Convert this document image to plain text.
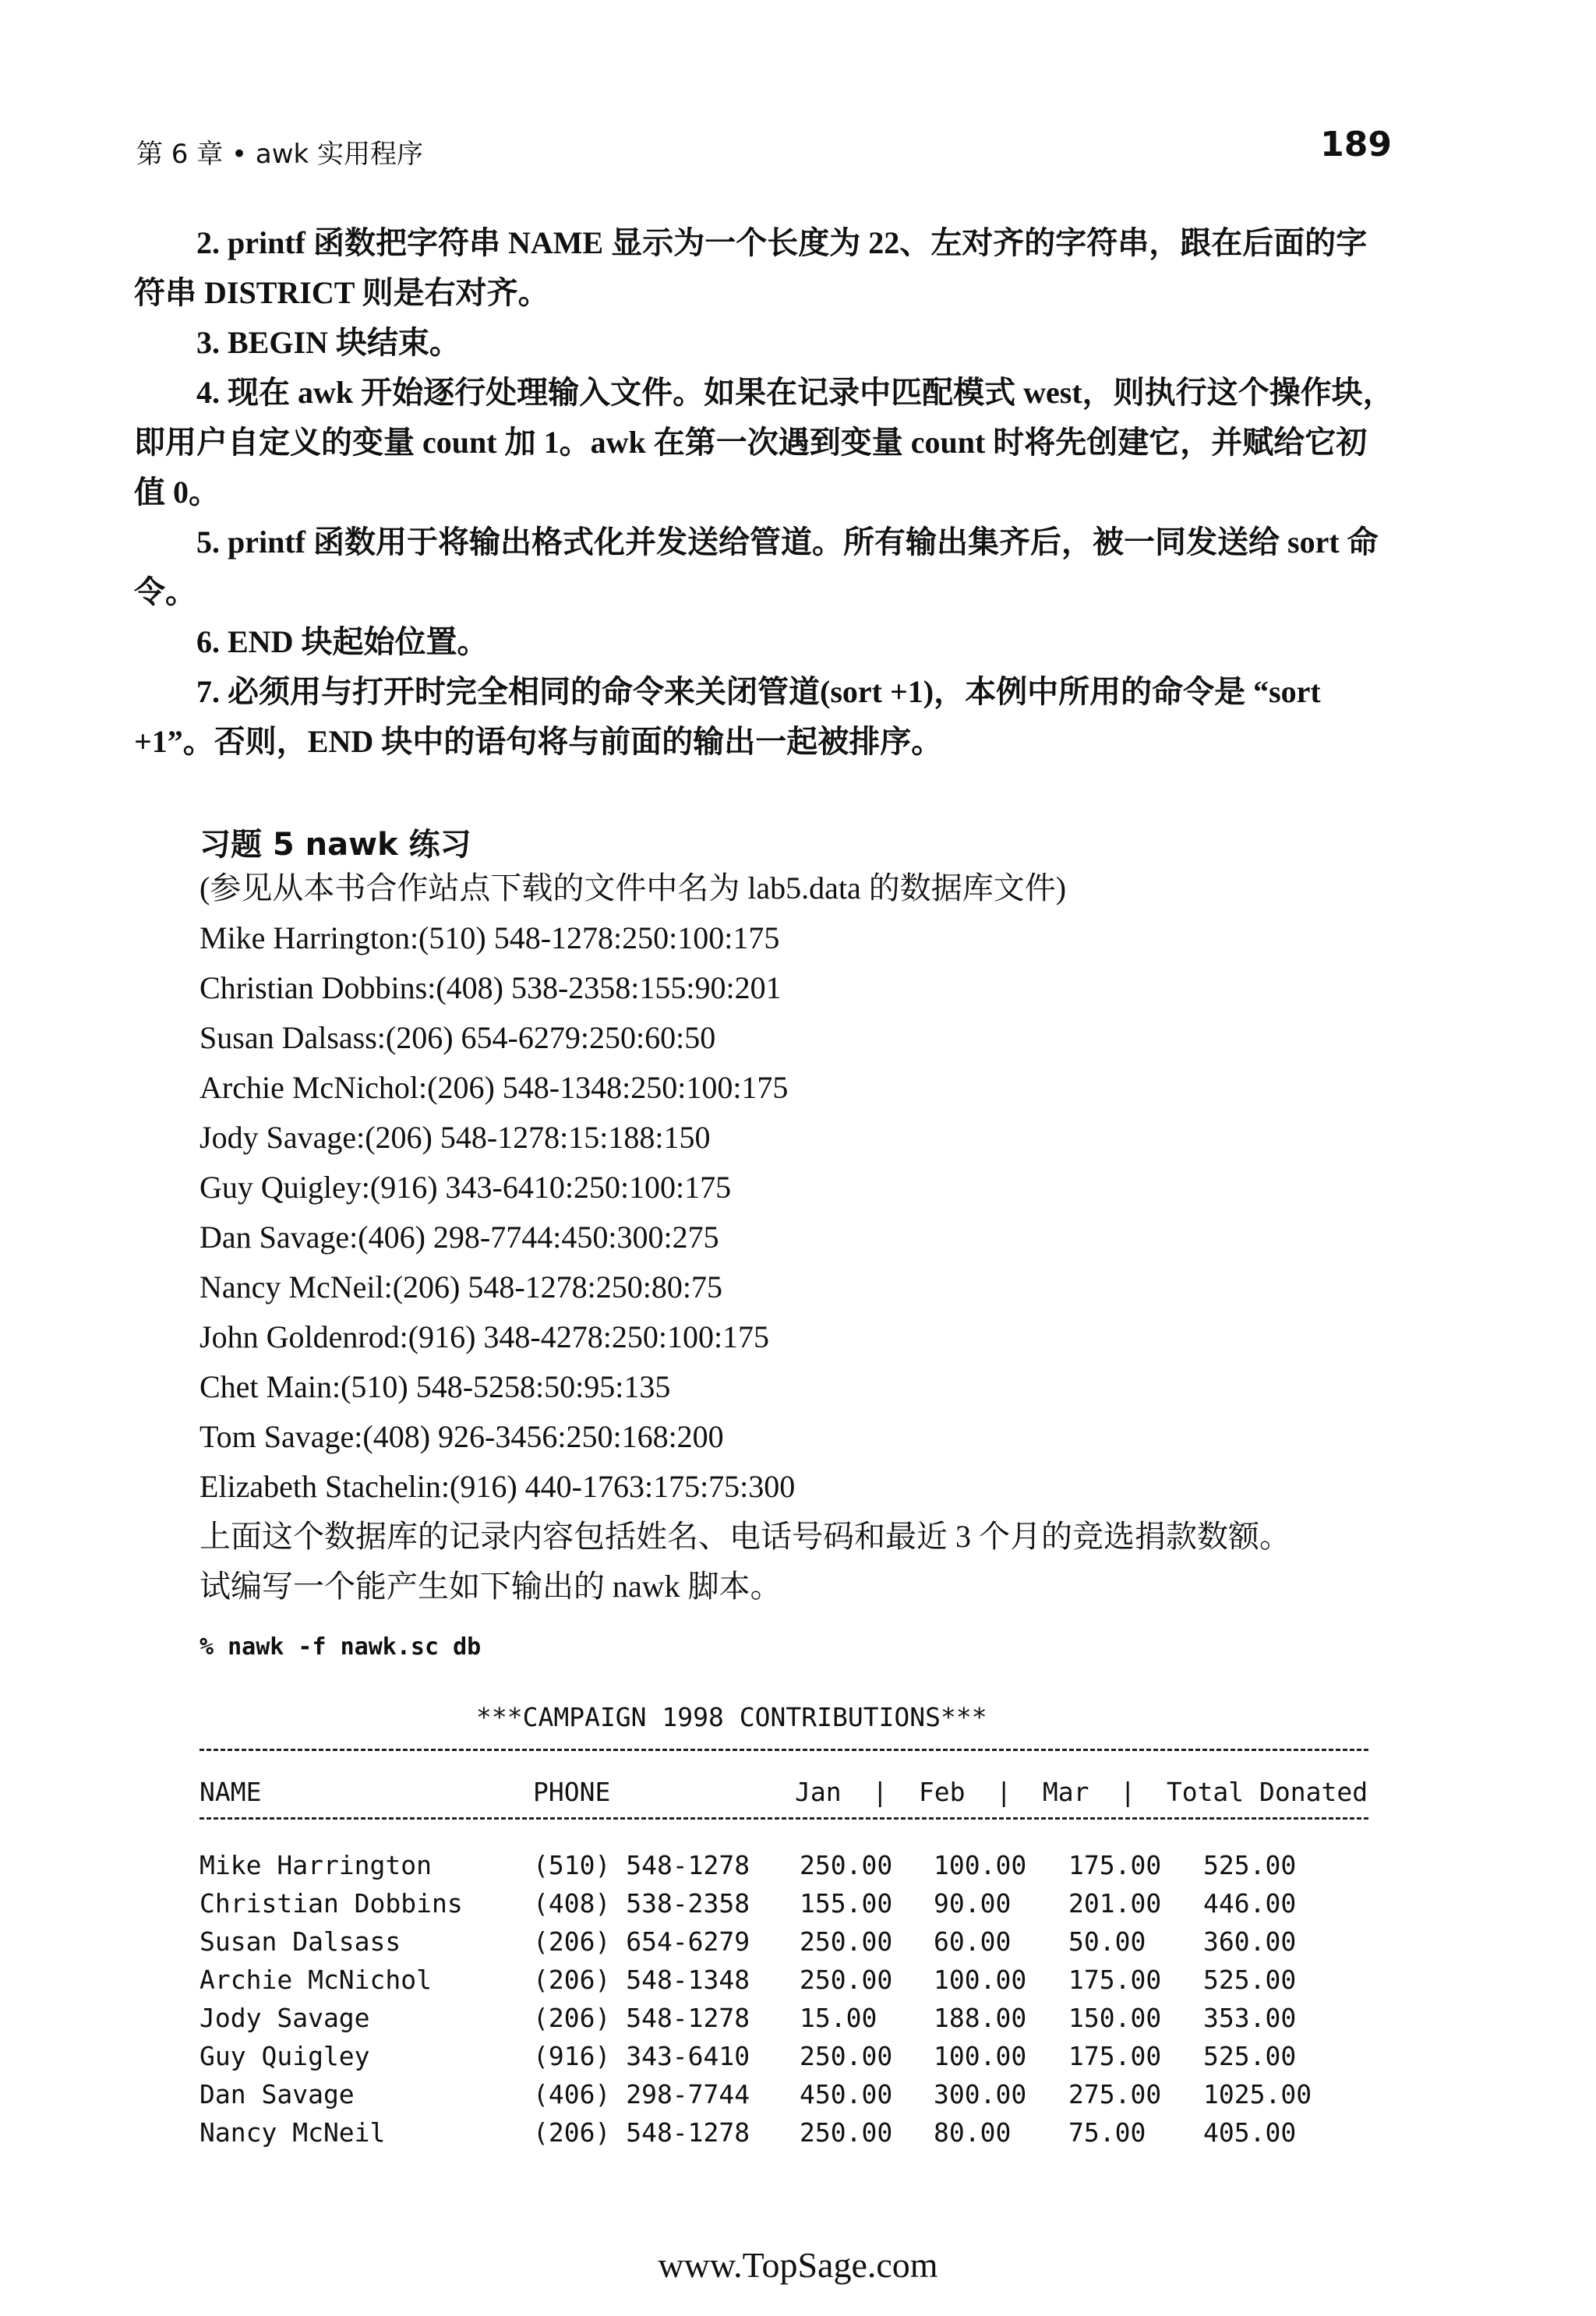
第 6 章 • awk 实用程序	189

2. printf 函数把字符串 NAME 显示为一个长度为 22、左对齐的字符串，跟在后面的字符串 DISTRICT 则是右对齐。

3. BEGIN 块结束。

4. 现在 awk 开始逐行处理输入文件。如果在记录中匹配模式 west，则执行这个操作块，即用户自定义的变量 count 加 1。awk 在第一次遇到变量 count 时将先创建它，并赋给它初值 0。

5. printf 函数用于将输出格式化并发送给管道。所有输出集齐后，被一同发送给 sort 命令。

6. END 块起始位置。

7. 必须用与打开时完全相同的命令来关闭管道(sort +1)，本例中所用的命令是 “sort +1”。否则，END 块中的语句将与前面的输出一起被排序。

习题 5 nawk 练习
(参见从本书合作站点下载的文件中名为 lab5.data 的数据库文件)
Mike Harrington:(510) 548-1278:250:100:175
Christian Dobbins:(408) 538-2358:155:90:201
Susan Dalsass:(206) 654-6279:250:60:50
Archie McNichol:(206) 548-1348:250:100:175
Jody Savage:(206) 548-1278:15:188:150
Guy Quigley:(916) 343-6410:250:100:175
Dan Savage:(406) 298-7744:450:300:275
Nancy McNeil:(206) 548-1278:250:80:75
John Goldenrod:(916) 348-4278:250:100:175
Chet Main:(510) 548-5258:50:95:135
Tom Savage:(408) 926-3456:250:168:200
Elizabeth Stachelin:(916) 440-1763:175:75:300
上面这个数据库的记录内容包括姓名、电话号码和最近 3 个月的竞选捐款数额。
试编写一个能产生如下输出的 nawk 脚本。
% nawk -f nawk.sc db
***CAMPAIGN 1998 CONTRIBUTIONS***
NAME	PHONE	Jan  |  Feb  |  Mar  |  Total Donated
Mike Harrington	(510) 548-1278 250.00 100.00 175.00 525.00
Christian Dobbins	(408) 538-2358 155.00 90.00 201.00 446.00
Susan Dalsass	(206) 654-6279 250.00 60.00 50.00 360.00
Archie McNichol	(206) 548-1348 250.00 100.00 175.00 525.00
Jody Savage	(206) 548-1278 15.00 188.00 150.00 353.00
Guy Quigley	(916) 343-6410 250.00 100.00 175.00 525.00
Dan Savage	(406) 298-7744 450.00 300.00 275.00 1025.00
Nancy McNeil	(206) 548-1278 250.00 80.00 75.00 405.00
www.TopSage.com
